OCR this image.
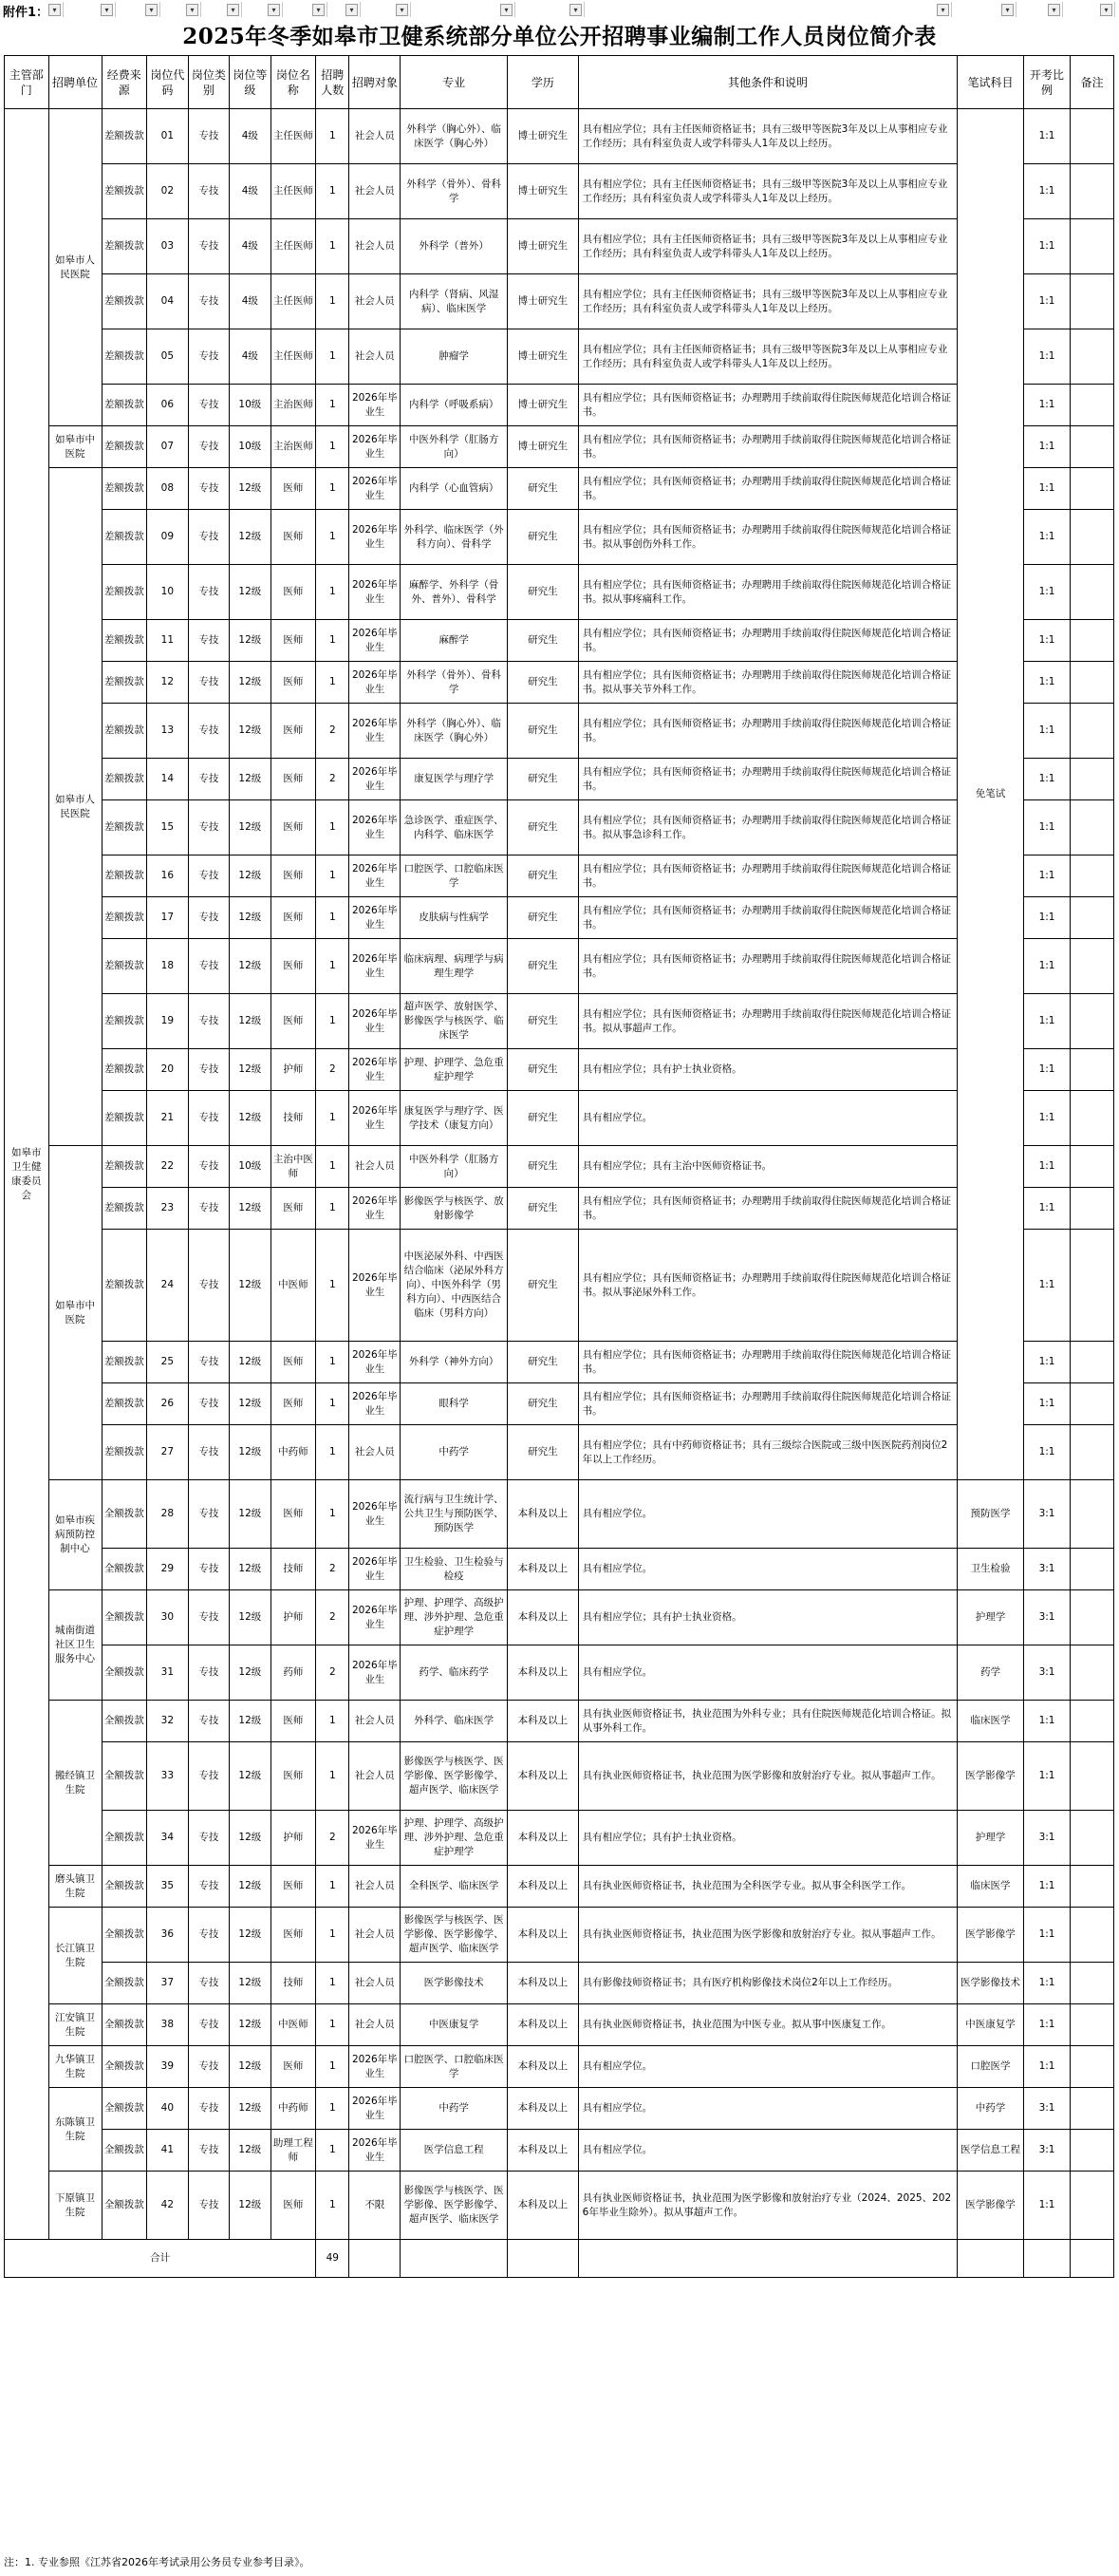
附件1： ▾	▾	▾	▾	▾	▾	▾	▾	▾	▾	▾	▾	▾	▾	▾
2025年冬季如皋市卫健系统部分单位公开招聘事业编制工作人员岗位简介表
主管部门	招聘单位	经费来源	岗位代码	岗位类别	岗位等级	岗位名称	招聘人数	招聘对象	专业	学历	其他条件和说明	笔试科目	开考比例	备注
如皋市卫生健康委员会	如皋市人民医院	差额拨款	01	专技	4级	主任医师	1	社会人员	外科学（胸心外）、临床医学（胸心外）	博士研究生	具有相应学位；具有主任医师资格证书；具有三级甲等医院3年及以上从事相应专业工作经历；具有科室负责人或学科带头人1年及以上经历。	免笔试	1:1	
		差额拨款	02	专技	4级	主任医师	1	社会人员	外科学（骨外）、骨科学	博士研究生	具有相应学位；具有主任医师资格证书；具有三级甲等医院3年及以上从事相应专业工作经历；具有科室负责人或学科带头人1年及以上经历。		1:1	
		差额拨款	03	专技	4级	主任医师	1	社会人员	外科学（普外）	博士研究生	具有相应学位；具有主任医师资格证书；具有三级甲等医院3年及以上从事相应专业工作经历；具有科室负责人或学科带头人1年及以上经历。		1:1	
		差额拨款	04	专技	4级	主任医师	1	社会人员	内科学（肾病、风湿病）、临床医学	博士研究生	具有相应学位；具有主任医师资格证书；具有三级甲等医院3年及以上从事相应专业工作经历；具有科室负责人或学科带头人1年及以上经历。		1:1	
		差额拨款	05	专技	4级	主任医师	1	社会人员	肿瘤学	博士研究生	具有相应学位；具有主任医师资格证书；具有三级甲等医院3年及以上从事相应专业工作经历；具有科室负责人或学科带头人1年及以上经历。		1:1	
		差额拨款	06	专技	10级	主治医师	1	2026年毕业生	内科学（呼吸系病）	博士研究生	具有相应学位；具有医师资格证书；办理聘用手续前取得住院医师规范化培训合格证书。		1:1	
	如皋市中医院	差额拨款	07	专技	10级	主治医师	1	2026年毕业生	中医外科学（肛肠方向）	博士研究生	具有相应学位；具有医师资格证书；办理聘用手续前取得住院医师规范化培训合格证书。		1:1	
	如皋市人民医院	差额拨款	08	专技	12级	医师	1	2026年毕业生	内科学（心血管病）	研究生	具有相应学位；具有医师资格证书；办理聘用手续前取得住院医师规范化培训合格证书。		1:1	
		差额拨款	09	专技	12级	医师	1	2026年毕业生	外科学、临床医学（外科方向）、骨科学	研究生	具有相应学位；具有医师资格证书；办理聘用手续前取得住院医师规范化培训合格证书。拟从事创伤外科工作。		1:1	
		差额拨款	10	专技	12级	医师	1	2026年毕业生	麻醉学、外科学（骨外、普外）、骨科学	研究生	具有相应学位；具有医师资格证书；办理聘用手续前取得住院医师规范化培训合格证书。拟从事疼痛科工作。		1:1	
		差额拨款	11	专技	12级	医师	1	2026年毕业生	麻醉学	研究生	具有相应学位；具有医师资格证书；办理聘用手续前取得住院医师规范化培训合格证书。		1:1	
		差额拨款	12	专技	12级	医师	1	2026年毕业生	外科学（骨外）、骨科学	研究生	具有相应学位；具有医师资格证书；办理聘用手续前取得住院医师规范化培训合格证书。拟从事关节外科工作。		1:1	
		差额拨款	13	专技	12级	医师	2	2026年毕业生	外科学（胸心外）、临床医学（胸心外）	研究生	具有相应学位；具有医师资格证书；办理聘用手续前取得住院医师规范化培训合格证书。		1:1	
		差额拨款	14	专技	12级	医师	2	2026年毕业生	康复医学与理疗学	研究生	具有相应学位；具有医师资格证书；办理聘用手续前取得住院医师规范化培训合格证书。		1:1	
		差额拨款	15	专技	12级	医师	1	2026年毕业生	急诊医学、重症医学、内科学、临床医学	研究生	具有相应学位；具有医师资格证书；办理聘用手续前取得住院医师规范化培训合格证书。拟从事急诊科工作。		1:1	
		差额拨款	16	专技	12级	医师	1	2026年毕业生	口腔医学、口腔临床医学	研究生	具有相应学位；具有医师资格证书；办理聘用手续前取得住院医师规范化培训合格证书。		1:1	
		差额拨款	17	专技	12级	医师	1	2026年毕业生	皮肤病与性病学	研究生	具有相应学位；具有医师资格证书；办理聘用手续前取得住院医师规范化培训合格证书。		1:1	
		差额拨款	18	专技	12级	医师	1	2026年毕业生	临床病理、病理学与病理生理学	研究生	具有相应学位；具有医师资格证书；办理聘用手续前取得住院医师规范化培训合格证书。		1:1	
		差额拨款	19	专技	12级	医师	1	2026年毕业生	超声医学、放射医学、影像医学与核医学、临床医学	研究生	具有相应学位；具有医师资格证书；办理聘用手续前取得住院医师规范化培训合格证书。拟从事超声工作。		1:1	
		差额拨款	20	专技	12级	护师	2	2026年毕业生	护理、护理学、急危重症护理学	研究生	具有相应学位；具有护士执业资格。		1:1	
		差额拨款	21	专技	12级	技师	1	2026年毕业生	康复医学与理疗学、医学技术（康复方向）	研究生	具有相应学位。		1:1	
	如皋市中医院	差额拨款	22	专技	10级	主治中医师	1	社会人员	中医外科学（肛肠方向）	研究生	具有相应学位；具有主治中医师资格证书。		1:1	
		差额拨款	23	专技	12级	医师	1	2026年毕业生	影像医学与核医学、放射影像学	研究生	具有相应学位；具有医师资格证书；办理聘用手续前取得住院医师规范化培训合格证书。		1:1	
		差额拨款	24	专技	12级	中医师	1	2026年毕业生	中医泌尿外科、中西医结合临床（泌尿外科方向）、中医外科学（男科方向）、中西医结合临床（男科方向）	研究生	具有相应学位；具有医师资格证书；办理聘用手续前取得住院医师规范化培训合格证书。拟从事泌尿外科工作。		1:1	
		差额拨款	25	专技	12级	医师	1	2026年毕业生	外科学（神外方向）	研究生	具有相应学位；具有医师资格证书；办理聘用手续前取得住院医师规范化培训合格证书。		1:1	
		差额拨款	26	专技	12级	医师	1	2026年毕业生	眼科学	研究生	具有相应学位；具有医师资格证书；办理聘用手续前取得住院医师规范化培训合格证书。		1:1	
		差额拨款	27	专技	12级	中药师	1	社会人员	中药学	研究生	具有相应学位；具有中药师资格证书；具有三级综合医院或三级中医医院药剂岗位2年以上工作经历。		1:1	
	如皋市疾病预防控制中心	全额拨款	28	专技	12级	医师	1	2026年毕业生	流行病与卫生统计学、公共卫生与预防医学、预防医学	本科及以上	具有相应学位。	预防医学	3:1	
		全额拨款	29	专技	12级	技师	2	2026年毕业生	卫生检验、卫生检验与检疫	本科及以上	具有相应学位。	卫生检验	3:1	
	城南街道社区卫生服务中心	全额拨款	30	专技	12级	护师	2	2026年毕业生	护理、护理学、高级护理、涉外护理、急危重症护理学	本科及以上	具有相应学位；具有护士执业资格。	护理学	3:1	
		全额拨款	31	专技	12级	药师	2	2026年毕业生	药学、临床药学	本科及以上	具有相应学位。	药学	3:1	
	搬经镇卫生院	全额拨款	32	专技	12级	医师	1	社会人员	外科学、临床医学	本科及以上	具有执业医师资格证书，执业范围为外科专业；具有住院医师规范化培训合格证。拟从事外科工作。	临床医学	1:1	
		全额拨款	33	专技	12级	医师	1	社会人员	影像医学与核医学、医学影像、医学影像学、超声医学、临床医学	本科及以上	具有执业医师资格证书，执业范围为医学影像和放射治疗专业。拟从事超声工作。	医学影像学	1:1	
		全额拨款	34	专技	12级	护师	2	2026年毕业生	护理、护理学、高级护理、涉外护理、急危重症护理学	本科及以上	具有相应学位；具有护士执业资格。	护理学	3:1	
	磨头镇卫生院	全额拨款	35	专技	12级	医师	1	社会人员	全科医学、临床医学	本科及以上	具有执业医师资格证书，执业范围为全科医学专业。拟从事全科医学工作。	临床医学	1:1	
	长江镇卫生院	全额拨款	36	专技	12级	医师	1	社会人员	影像医学与核医学、医学影像、医学影像学、超声医学、临床医学	本科及以上	具有执业医师资格证书，执业范围为医学影像和放射治疗专业。拟从事超声工作。	医学影像学	1:1	
		全额拨款	37	专技	12级	技师	1	社会人员	医学影像技术	本科及以上	具有影像技师资格证书；具有医疗机构影像技术岗位2年以上工作经历。	医学影像技术	1:1	
	江安镇卫生院	全额拨款	38	专技	12级	中医师	1	社会人员	中医康复学	本科及以上	具有执业医师资格证书，执业范围为中医专业。拟从事中医康复工作。	中医康复学	1:1	
	九华镇卫生院	全额拨款	39	专技	12级	医师	1	2026年毕业生	口腔医学、口腔临床医学	本科及以上	具有相应学位。	口腔医学	1:1	
	东陈镇卫生院	全额拨款	40	专技	12级	中药师	1	2026年毕业生	中药学	本科及以上	具有相应学位。	中药学	3:1	
		全额拨款	41	专技	12级	助理工程师	1	2026年毕业生	医学信息工程	本科及以上	具有相应学位。	医学信息工程	3:1	
	下原镇卫生院	全额拨款	42	专技	12级	医师	1	不限	影像医学与核医学、医学影像、医学影像学、超声医学、临床医学	本科及以上	具有执业医师资格证书，执业范围为医学影像和放射治疗专业（2024、2025、2026年毕业生除外）。拟从事超声工作。	医学影像学	1:1	
合计							49							
注：1. 专业参照《江苏省2026年考试录用公务员专业参考目录》。
